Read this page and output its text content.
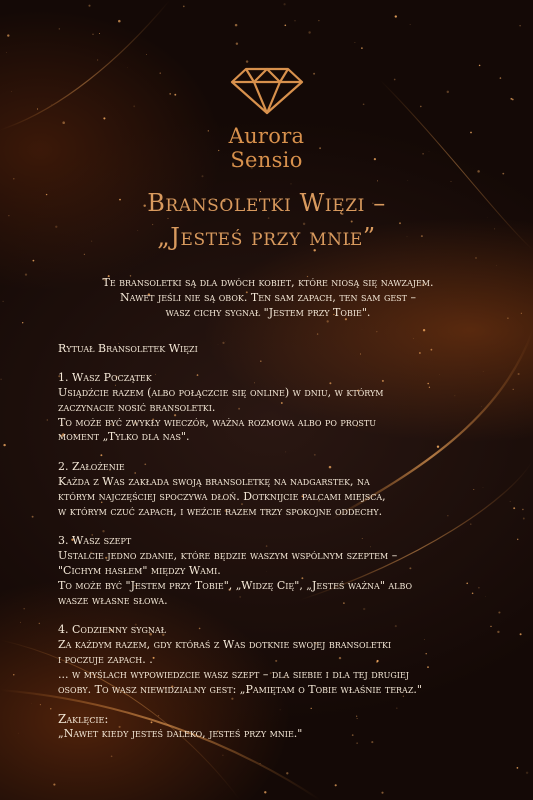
Aurora
Sensio
Bransoletki Więzi –
„Jesteś przy mnie”

Te bransoletki są dla dwóch kobiet, które niosą się nawzajem.

Nawet jeśli nie są obok. Ten sam zapach, ten sam gest –

wasz cichy sygnał "Jestem przy Tobie".

Rytuał Bransoletek Więzi

1. Wasz Początek

Usiądźcie razem (albo połączcie się online) w dniu, w którym

zaczynacie nosić bransoletki.

To może być zwykły wieczór, ważna rozmowa albo po prostu

moment „Tylko dla nas".

2. Założenie

Każda z Was zakłada swoją bransoletkę na nadgarstek, na

którym najczęściej spoczywa dłoń. Dotknijcie palcami miejsca,

w którym czuć zapach, i weźcie razem trzy spokojne oddechy.

3. Wasz szept

Ustalcie jedno zdanie, które będzie waszym wspólnym szeptem –

"Cichym hasłem" między Wami.

To może być "Jestem przy Tobie", „Widzę Cię", „Jesteś ważna" albo

wasze własne słowa.

4. Codzienny sygnał

Za każdym razem, gdy któraś z Was dotknie swojej bransoletki

i poczuje zapach. .

... w myślach wypowiedzcie wasz szept – dla siebie i dla tej drugiej

osoby. To wasz niewidzialny gest: „Pamiętam o Tobie właśnie teraz."

Zaklęcie:
„Nawet kiedy jesteś daleko, jesteś przy mnie."
